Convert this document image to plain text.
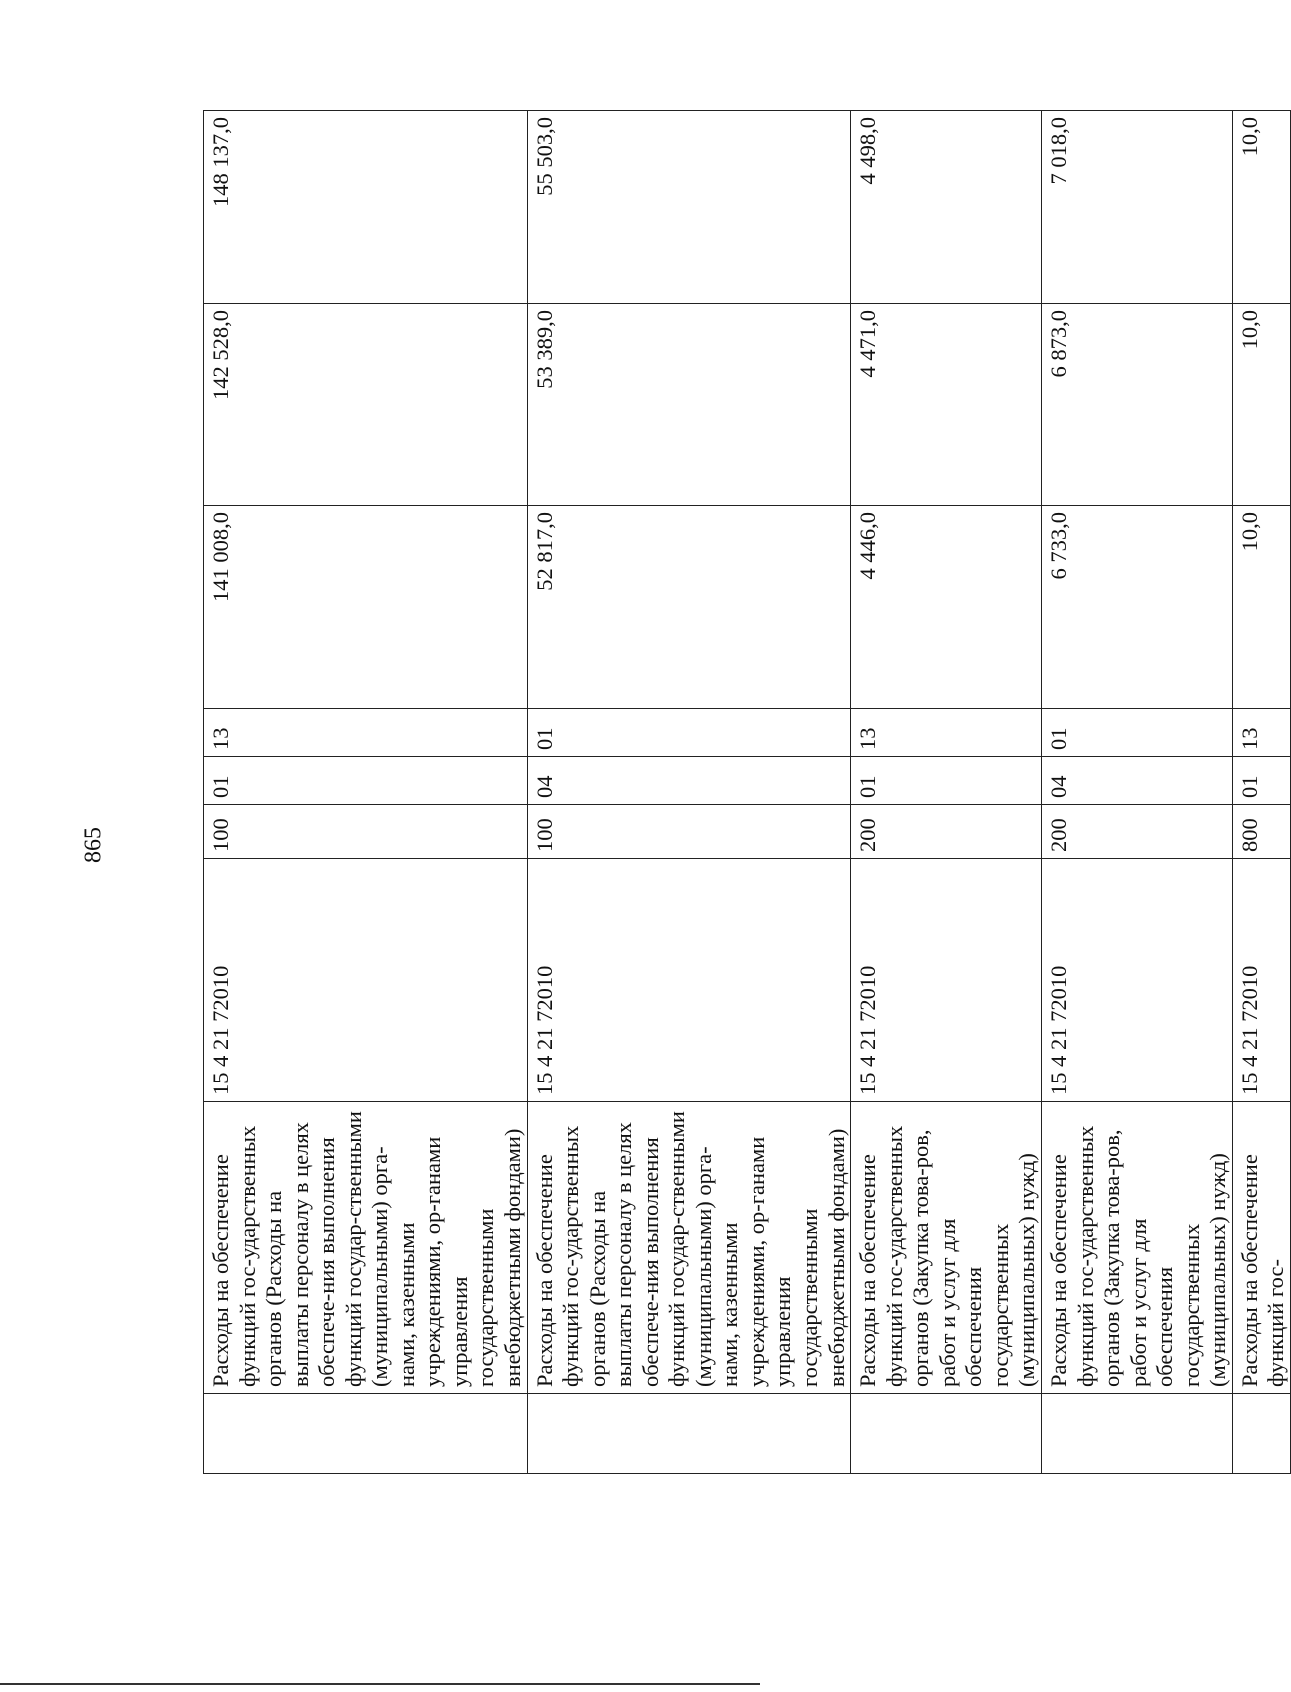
865
	Расходы на обеспечение функций гос-ударственных органов (Расходы на выплаты персоналу в целях обеспече-ния выполнения функций государ-ственными (муниципальными) орга-нами, казенными учреждениями, ор-ганами управления государственными внебюджетными фондами)	15 4 21 72010	100	01	13	141 008,0	142 528,0	148 137,0
	Расходы на обеспечение функций гос-ударственных органов (Расходы на выплаты персоналу в целях обеспече-ния выполнения функций государ-ственными (муниципальными) орга-нами, казенными учреждениями, ор-ганами управления государственными внебюджетными фондами)	15 4 21 72010	100	04	01	52 817,0	53 389,0	55 503,0
	Расходы на обеспечение функций гос-ударственных органов (Закупка това-ров, работ и услуг для обеспечения государственных (муниципальных) нужд)	15 4 21 72010	200	01	13	4 446,0	4 471,0	4 498,0
	Расходы на обеспечение функций гос-ударственных органов (Закупка това-ров, работ и услуг для обеспечения государственных (муниципальных) нужд)	15 4 21 72010	200	04	01	6 733,0	6 873,0	7 018,0
	Расходы на обеспечение функций гос-	15 4 21 72010	800	01	13	10,0	10,0	10,0
